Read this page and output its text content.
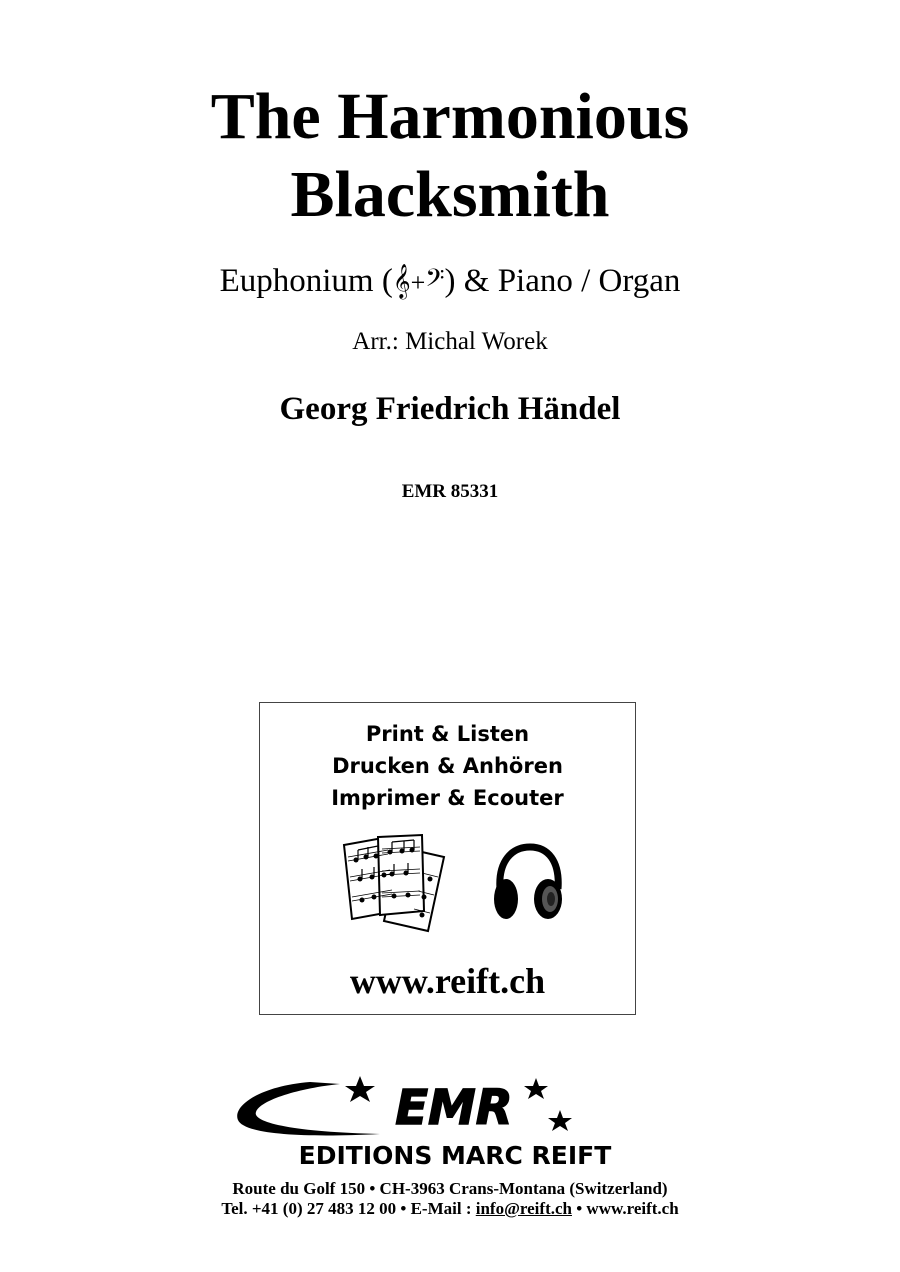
The Harmonious
Blacksmith
Euphonium (𝄞+𝄢) & Piano / Organ
Arr.: Michal Worek
Georg Friedrich Händel
EMR 85331
Print & Listen
Drucken & Anhören
Imprimer & Ecouter
www.reift.ch
EMR
EDITIONS MARC REIFT
Route du Golf 150 • CH-3963 Crans-Montana (Switzerland)
Tel. +41 (0) 27 483 12 00 • E-Mail : info@reift.ch • www.reift.ch
